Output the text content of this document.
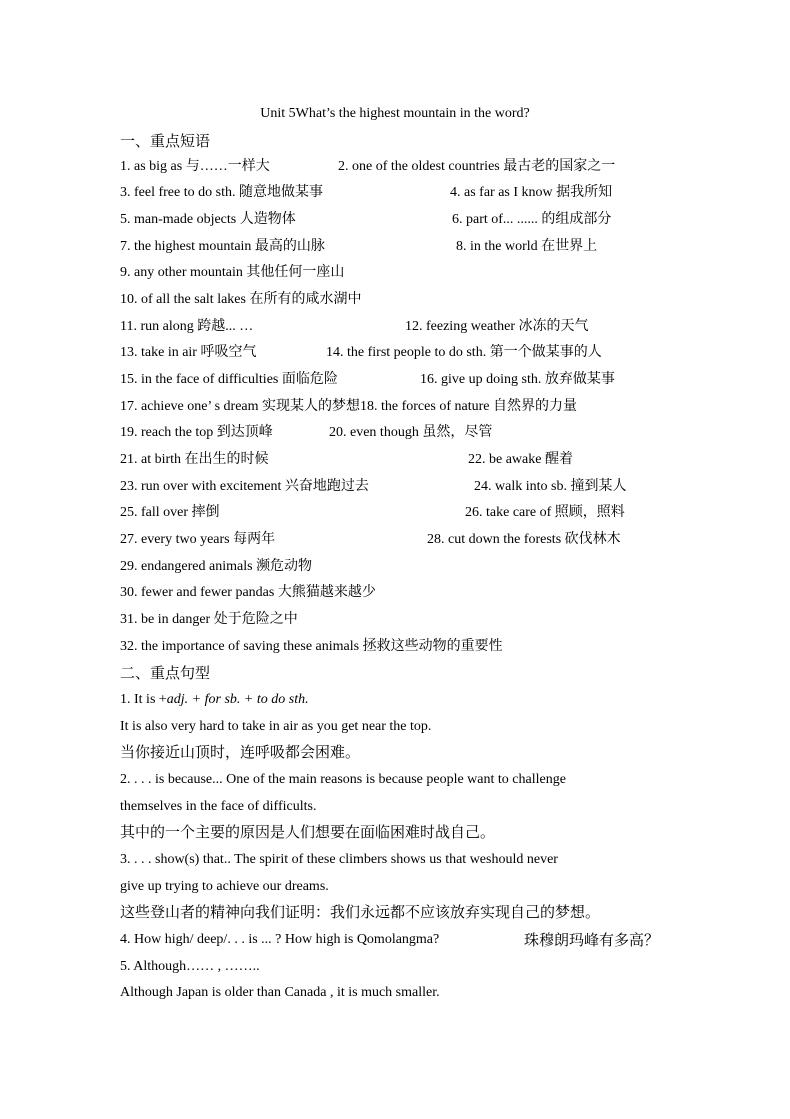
Unit 5What’s the highest mountain in the word?
一、重点短语
1. as big as 与……一样大	2. one of the oldest countries 最古老的国家之一
3. feel free to do sth. 随意地做某事	4. as far as I know 据我所知
5. man-made objects 人造物体	6. part of... ...... 的组成部分
7. the highest mountain 最高的山脉	8. in the world 在世界上
9. any other mountain 其他任何一座山
10. of all the salt lakes 在所有的咸水湖中
11. run along 跨越... …	12. feezing weather 冰冻的天气
13. take in air 呼吸空气	14. the first people to do sth. 第一个做某事的人
15. in the face of difficulties 面临危险	16. give up doing sth. 放弃做某事
17. achieve one’ s dream 实现某人的梦想18. the forces of nature 自然界的力量
19. reach the top 到达顶峰	20. even though 虽然，尽管
21. at birth 在出生的时候	22. be awake 醒着
23. run over with excitement 兴奋地跑过去	24. walk into sb. 撞到某人
25. fall over 摔倒	26. take care of 照顾，照料
27. every two years 每两年	28. cut down the forests 砍伐林木
29. endangered animals 濒危动物
30. fewer and fewer pandas 大熊猫越来越少
31. be in danger 处于危险之中
32. the importance of saving these animals 拯救这些动物的重要性
二、重点句型
1. It is +adj. + for sb. + to do sth.
It is also very hard to take in air as you get near the top.
当你接近山顶时，连呼吸都会困难。
2. . . . is because... One of the main reasons is because people want to challenge
themselves in the face of difficults.
其中的一个主要的原因是人们想要在面临困难时战自己。
3. . . . show(s) that.. The spirit of these climbers shows us that weshould never
give up trying to achieve our dreams.
这些登山者的精神向我们证明：我们永远都不应该放弃实现自己的梦想。
4. How high/ deep/. . . is ... ? How high is Qomolangma?	珠穆朗玛峰有多高？
5. Although…… , ……..
Although Japan is older than Canada , it is much smaller.
